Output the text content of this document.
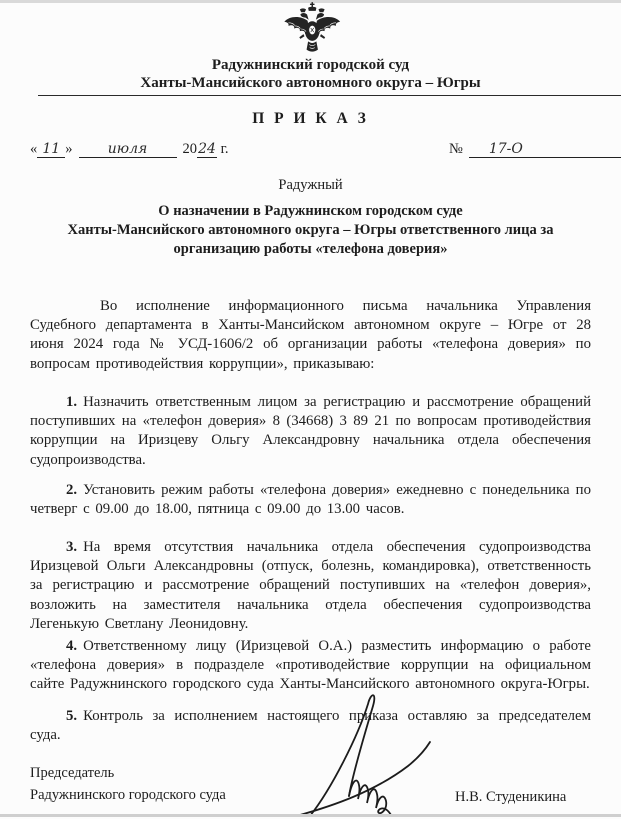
Радужнинский городской суд
Ханты-Мансийского автономного округа – Югры
П Р И К А З
« 11 »	июля 2024 г.	№ 17-О
Радужный
О назначении в Радужнинском городском суде
Ханты-Мансийского автономного округа – Югры ответственного лица за
организацию работы «телефона доверия»

Во исполнение информационного письма начальника Управления Судебного департамента в Ханты-Мансийском автономном округе – Югре от 28 июня 2024 года № УСД-1606/2 об организации работы «телефона доверия» по вопросам противодействия коррупции», приказываю:

1. Назначить ответственным лицом за регистрацию и рассмотрение обращений поступивших на «телефон доверия» 8 (34668) 3 89 21 по вопросам противодействия коррупции на Иризцеву Ольгу Александровну начальника отдела обеспечения судопроизводства.

2. Установить режим работы «телефона доверия» ежедневно с понедельника по четверг с 09.00 до 18.00, пятница с 09.00 до 13.00 часов.

3. На время отсутствия начальника отдела обеспечения судопроизводства Иризцевой Ольги Александровны (отпуск, болезнь, командировка), ответственность за регистрацию и рассмотрение обращений поступивших на «телефон доверия», возложить на заместителя начальника отдела обеспечения судопроизводства Легенькую Светлану Леонидовну.

4. Ответственному лицу (Иризцевой О.А.) разместить информацию о работе «телефона доверия» в подразделе «противодействие коррупции на официальном сайте Радужнинского городского суда Ханты-Мансийского автономного округа-Югры.

5. Контроль за исполнением настоящего приказа оставляю за председателем суда.

Председатель
Радужнинского городского суда	Н.В. Студеникина
